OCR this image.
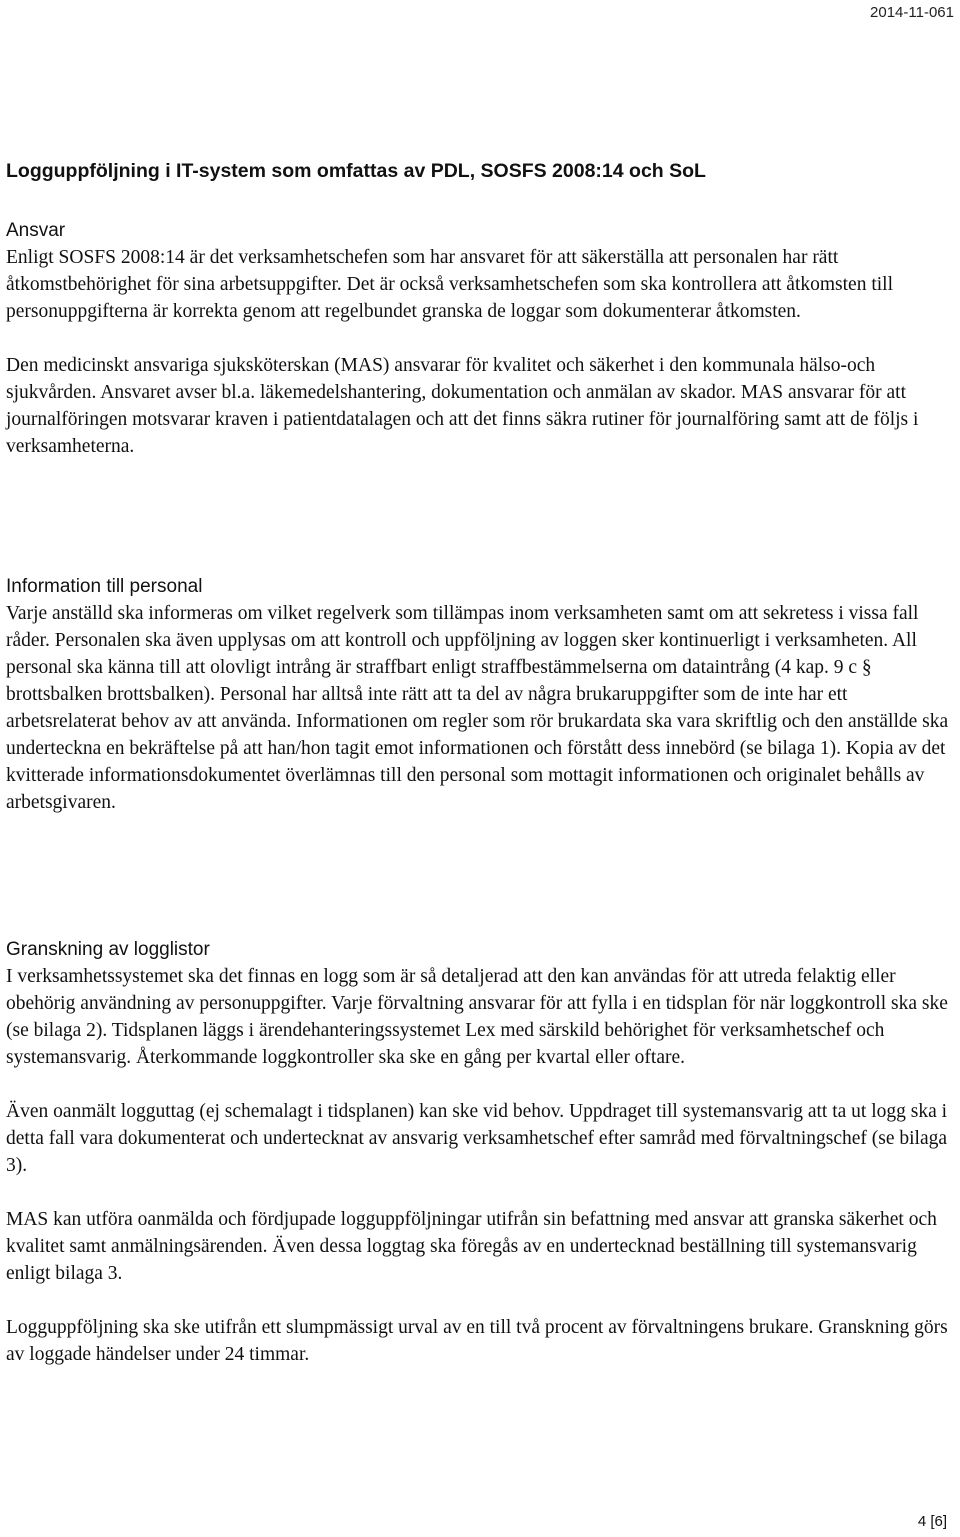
2014-11-061
Logguppföljning i IT-system som omfattas av PDL, SOSFS 2008:14 och SoL
Ansvar

Enligt SOSFS 2008:14 är det verksamhetschefen som har ansvaret för att säkerställa att personalen har rätt åtkomstbehörighet för sina arbetsuppgifter. Det är också verksamhetschefen som ska kontrollera att åtkomsten till personuppgifterna är korrekta genom att regelbundet granska de loggar som dokumenterar åtkomsten.

Den medicinskt ansvariga sjuksköterskan (MAS) ansvarar för kvalitet och säkerhet i den kommunala hälso-och sjukvården. Ansvaret avser bl.a. läkemedelshantering, dokumentation och anmälan av skador. MAS ansvarar för att journalföringen motsvarar kraven i patientdatalagen och att det finns säkra rutiner för journalföring samt att de följs i verksamheterna.

Information till personal

Varje anställd ska informeras om vilket regelverk som tillämpas inom verksamheten samt om att sekretess i vissa fall råder. Personalen ska även upplysas om att kontroll och uppföljning av loggen sker kontinuerligt i verksamheten. All personal ska känna till att olovligt intrång är straffbart enligt straffbestämmelserna om dataintrång (4 kap. 9 c § brottsbalken brottsbalken). Personal har alltså inte rätt att ta del av några brukaruppgifter som de inte har ett arbetsrelaterat behov av att använda. Informationen om regler som rör brukardata ska vara skriftlig och den anställde ska underteckna en bekräftelse på att han/hon tagit emot informationen och förstått dess innebörd (se bilaga 1). Kopia av det kvitterade informationsdokumentet överlämnas till den personal som mottagit informationen och originalet behålls av arbetsgivaren.

Granskning av logglistor

I verksamhetssystemet ska det finnas en logg som är så detaljerad att den kan användas för att utreda felaktig eller obehörig användning av personuppgifter. Varje förvaltning ansvarar för att fylla i en tidsplan för när loggkontroll ska ske (se bilaga 2). Tidsplanen läggs i ärendehanteringssystemet Lex med särskild behörighet för verksamhetschef och systemansvarig. Återkommande loggkontroller ska ske en gång per kvartal eller oftare.

Även oanmält logguttag (ej schemalagt i tidsplanen) kan ske vid behov. Uppdraget till systemansvarig att ta ut logg ska i detta fall vara dokumenterat och undertecknat av ansvarig verksamhetschef efter samråd med förvaltningschef (se bilaga 3).

MAS kan utföra oanmälda och fördjupade logguppföljningar utifrån sin befattning med ansvar att granska säkerhet och kvalitet samt anmälningsärenden. Även dessa loggtag ska föregås av en undertecknad beställning till systemansvarig enligt bilaga 3.

Logguppföljning ska ske utifrån ett slumpmässigt urval av en till två procent av förvaltningens brukare. Granskning görs av loggade händelser under 24 timmar.

4 [6]
